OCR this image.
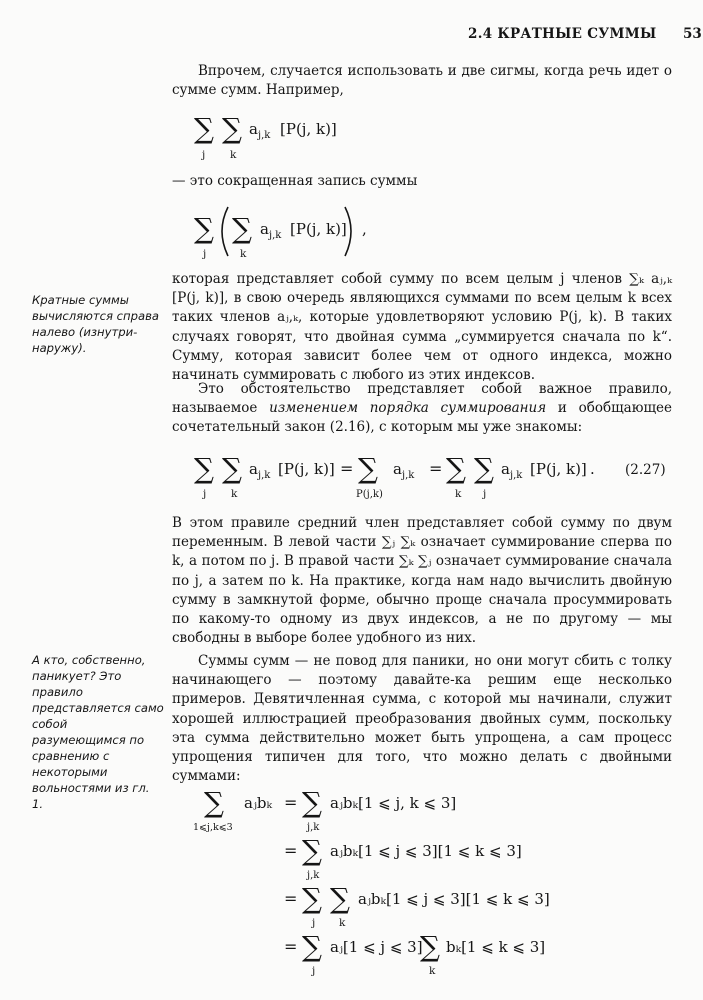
2.4 КРАТНЫЕ СУММЫ 53
Впрочем, случается использовать и две сигмы, когда речь идет о сумме сумм. Например,
— это сокращенная запись суммы
которая представляет собой сумму по всем целым j членов ∑ₖ aⱼ,ₖ [P(j, k)], в свою очередь являющихся суммами по всем целым k всех таких членов aⱼ,ₖ, которые удовлетворяют условию P(j, k). В таких случаях говорят, что двойная сумма „суммируется сначала по k“. Сумму, которая зависит более чем от одного индекса, можно начинать суммировать с любого из этих индексов.
Это обстоятельство представляет собой важное правило, называемое изменением порядка суммирования и обобщающее сочетательный закон (2.16), с которым мы уже знакомы:
В этом правиле средний член представляет собой сумму по двум переменным. В левой части ∑ⱼ ∑ₖ означает суммирование сперва по k, а потом по j. В правой части ∑ₖ ∑ⱼ означает суммирование сначала по j, а затем по k. На практике, когда нам надо вычислить двойную сумму в замкнутой форме, обычно проще сначала просуммировать по какому-то одному из двух индексов, а не по другому — мы свободны в выборе более удобного из них.
Суммы сумм — не повод для паники, но они могут сбить с толку начинающего — поэтому давайте-ка решим еще несколько примеров. Девятичленная сумма, с которой мы начинали, служит хорошей иллюстрацией преобразования двойных сумм, поскольку эта сумма действительно может быть упрощена, а сам процесс упрощения типичен для того, что можно делать с двойными суммами:
Кратные суммы вычисляются справа налево (изнутри-наружу).
А кто, собственно, паникует? Это правило представляется само собой разумеющимся по сравнению с некоторыми вольностями из гл. 1.
∑
j
∑
k
a j,k [P(j, k)]
∑
j
∑
k
a j,k [P(j, k)] ,
∑
j
∑
k
a j,k [P(j, k)] = ∑
P(j,k)
a j,k = ∑
k
∑
j
a j,k [P(j, k)] . (2.27)
∑
1⩽j,k⩽3
aⱼbₖ = ∑
j,k
aⱼbₖ[1 ⩽ j, k ⩽ 3]
= ∑
j,k
aⱼbₖ[1 ⩽ j ⩽ 3][1 ⩽ k ⩽ 3]
= ∑
j
∑
k
aⱼbₖ[1 ⩽ j ⩽ 3][1 ⩽ k ⩽ 3]
= ∑
j
aⱼ[1 ⩽ j ⩽ 3]
∑
k
bₖ[1 ⩽ k ⩽ 3]
